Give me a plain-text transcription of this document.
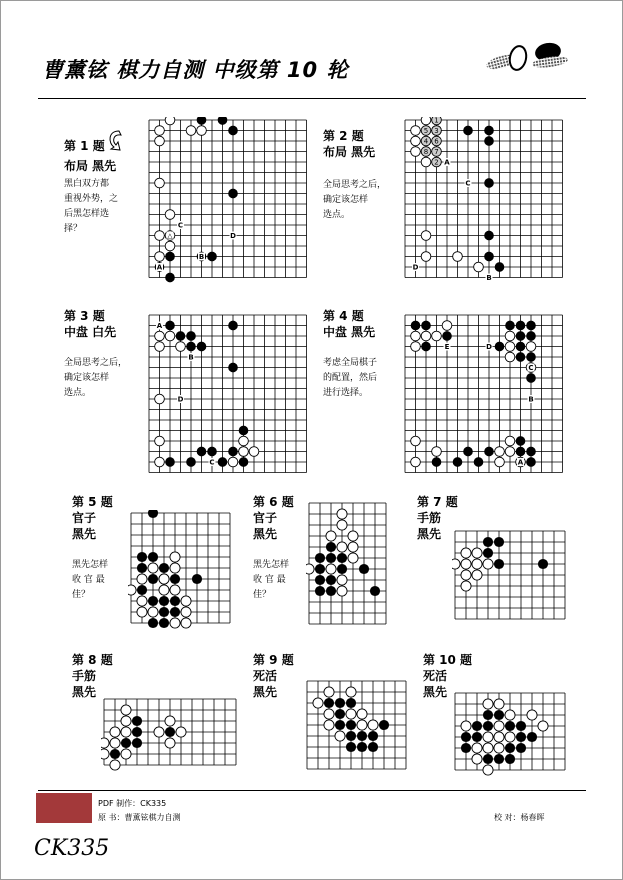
曹薰铉 棋力自测 中级第 10 轮
第 1 题
布局 黑先
黑白双方都
重视外势，之
后黑怎样选
择？
第 2 题
布局 黑先
全局思考之后，
确定该怎样
选点。
第 3 题
中盘 白先
全局思考之后，
确定该怎样
选点。
第 4 题
中盘 黑先
考虑全局棋子
的配置，然后
进行选择。
第 5 题
官子
黑先
黑先怎样
收 官 最
佳？
第 6 题
官子
黑先
黑先怎样
收 官 最
佳？
第 7 题
手筋
黑先
第 8 题
手筋
黑先
第 9 题
死活
黑先
第 10 题
死活
黑先
△
C
B
D
A
1
3
6
7
2
5
4
8
A
C
D
B
A
D
C
B
C
D
B
A
E
PDF 制作：CK335
原 书：曹薰铉棋力自测	校 对：杨春晖
CK335
